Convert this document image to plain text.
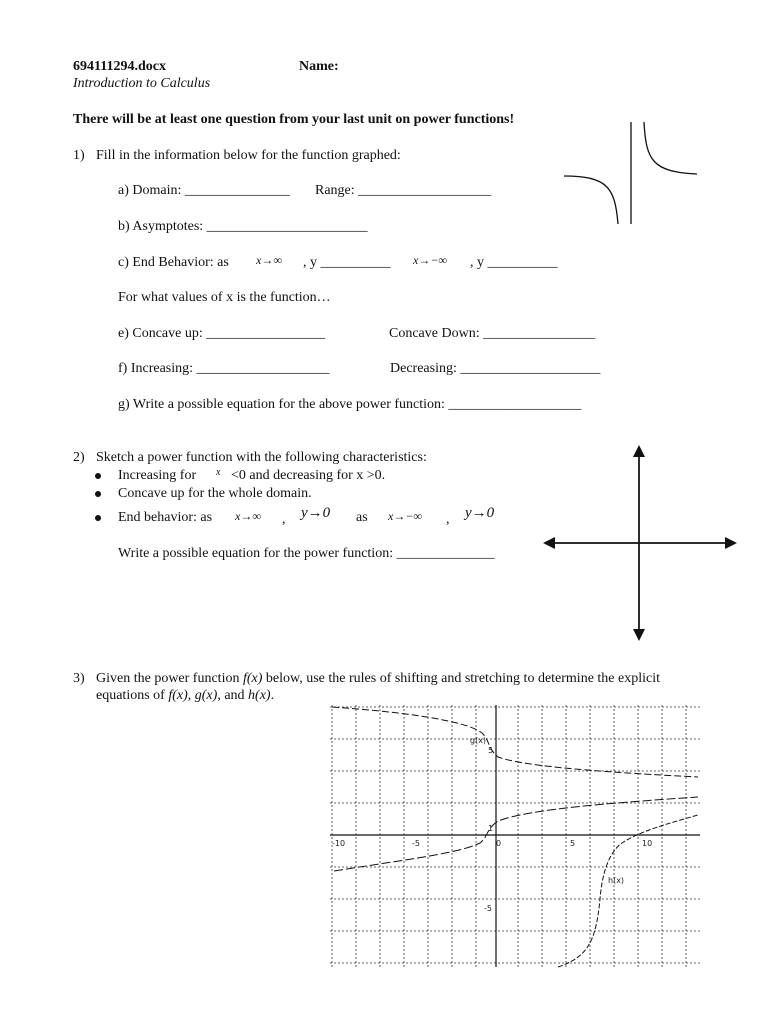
694111294.docx	Name:
Introduction to Calculus
There will be at least one question from your last unit on power functions!
1) Fill in the information below for the function graphed:
a) Domain: _______________ Range: ___________________
b) Asymptotes: _______________________
c) End Behavior: as x→∞ , y __________ x→−∞ , y __________
For what values of x is the function…
e) Concave up: _________________	Concave Down: ________________
f) Increasing: ___________________	Decreasing: ____________________
g) Write a possible equation for the above power function: ___________________
2) Sketch a power function with the following characteristics:
Increasing for x <0 and decreasing for x >0.
Concave up for the whole domain.
End behavior: as x→∞ , y→0 as x→−∞ , y→0
Write a possible equation for the power function: ______________
3) Given the power function f(x) below, use the rules of shifting and stretching to determine the explicit
equations of f(x), g(x), and h(x).
g(x)
h(x)
-10	-5	0	5	10
5
1
-5
